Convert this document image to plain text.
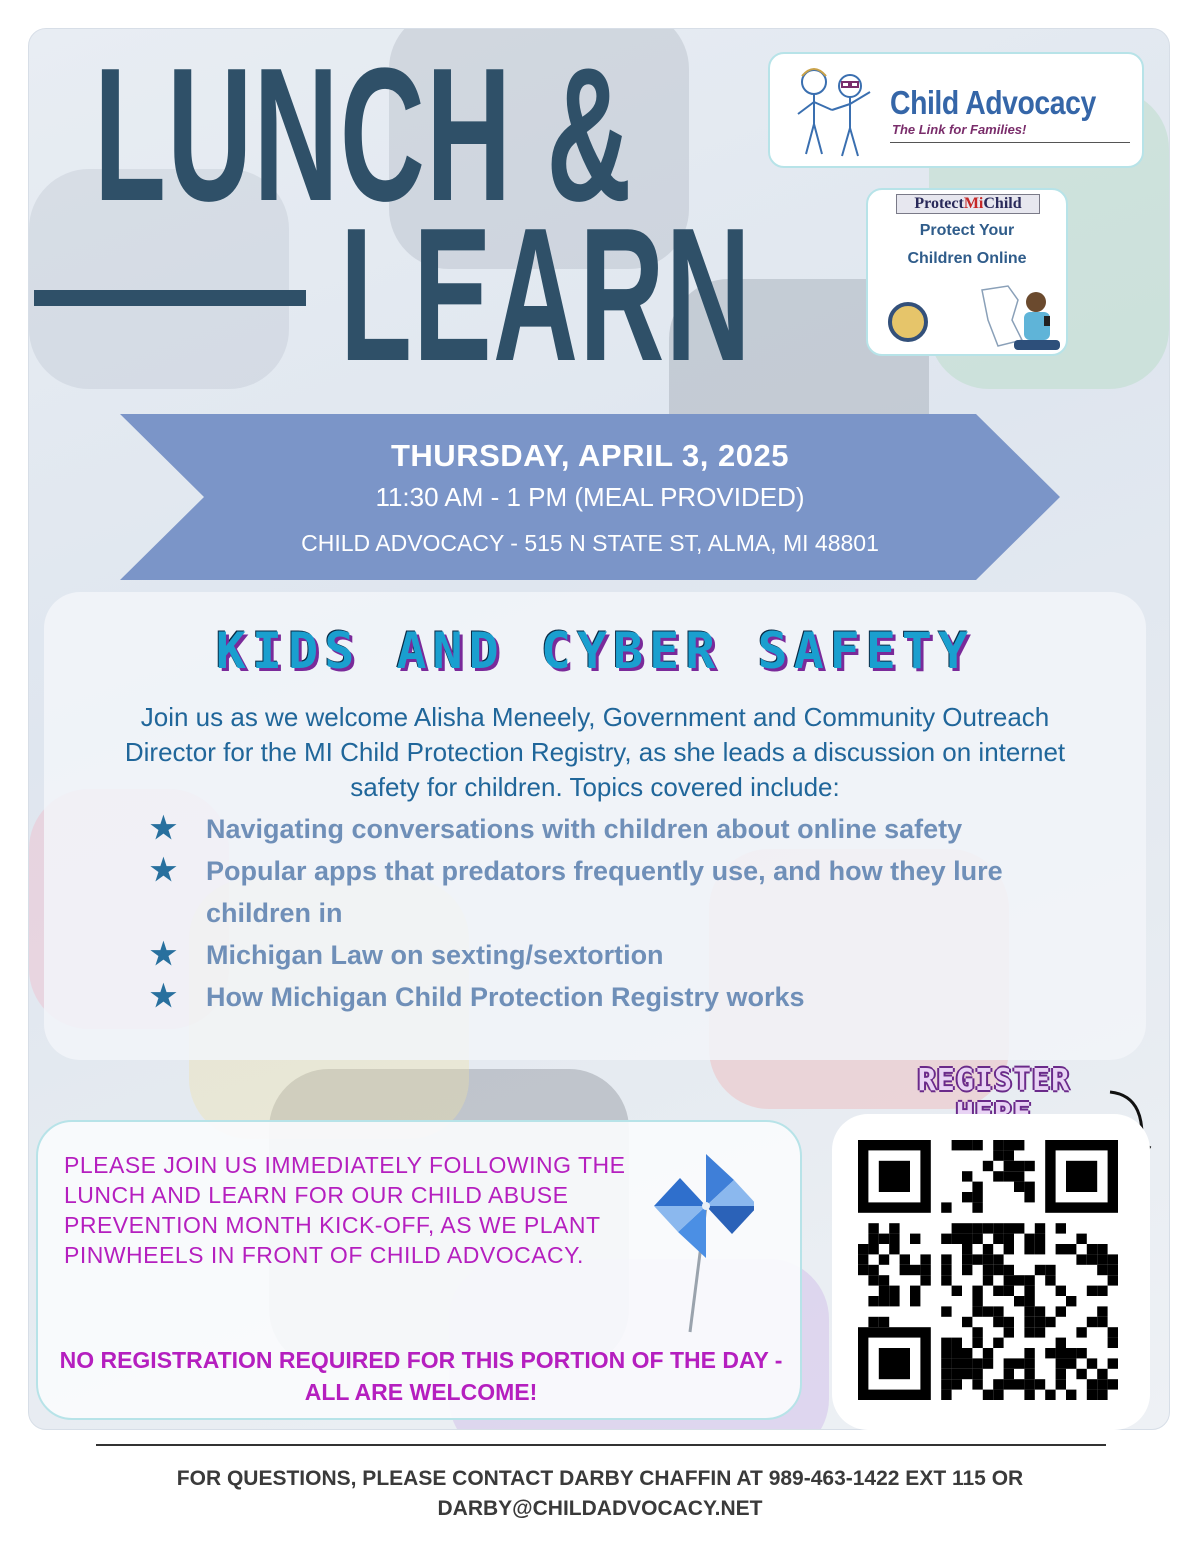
LUNCH &
LEARN
Child Advocacy
The Link for Families!
ProtectMiChild
Protect Your
Children Online
THURSDAY, APRIL 3, 2025
11:30 AM - 1 PM (MEAL PROVIDED)
CHILD ADVOCACY - 515 N STATE ST, ALMA, MI 48801
KIDS AND CYBER SAFETY
Join us as we welcome Alisha Meneely, Government and Community Outreach Director for the MI Child Protection Registry, as she leads a discussion on internet safety for children. Topics covered include:
★ Navigating conversations with children about online safety
★ Popular apps that predators frequently use, and how they lure children in
★ Michigan Law on sexting/sextortion
★ How Michigan Child Protection Registry works
REGISTER
PLEASE JOIN US IMMEDIATELY FOLLOWING THE LUNCH AND LEARN FOR OUR CHILD ABUSE PREVENTION MONTH KICK-OFF, AS WE PLANT PINWHEELS IN FRONT OF CHILD ADVOCACY.
NO REGISTRATION REQUIRED FOR THIS PORTION OF THE DAY - ALL ARE WELCOME!
FOR QUESTIONS, PLEASE CONTACT DARBY CHAFFIN AT 989-463-1422 EXT 115 OR
DARBY@CHILDADVOCACY.NET
